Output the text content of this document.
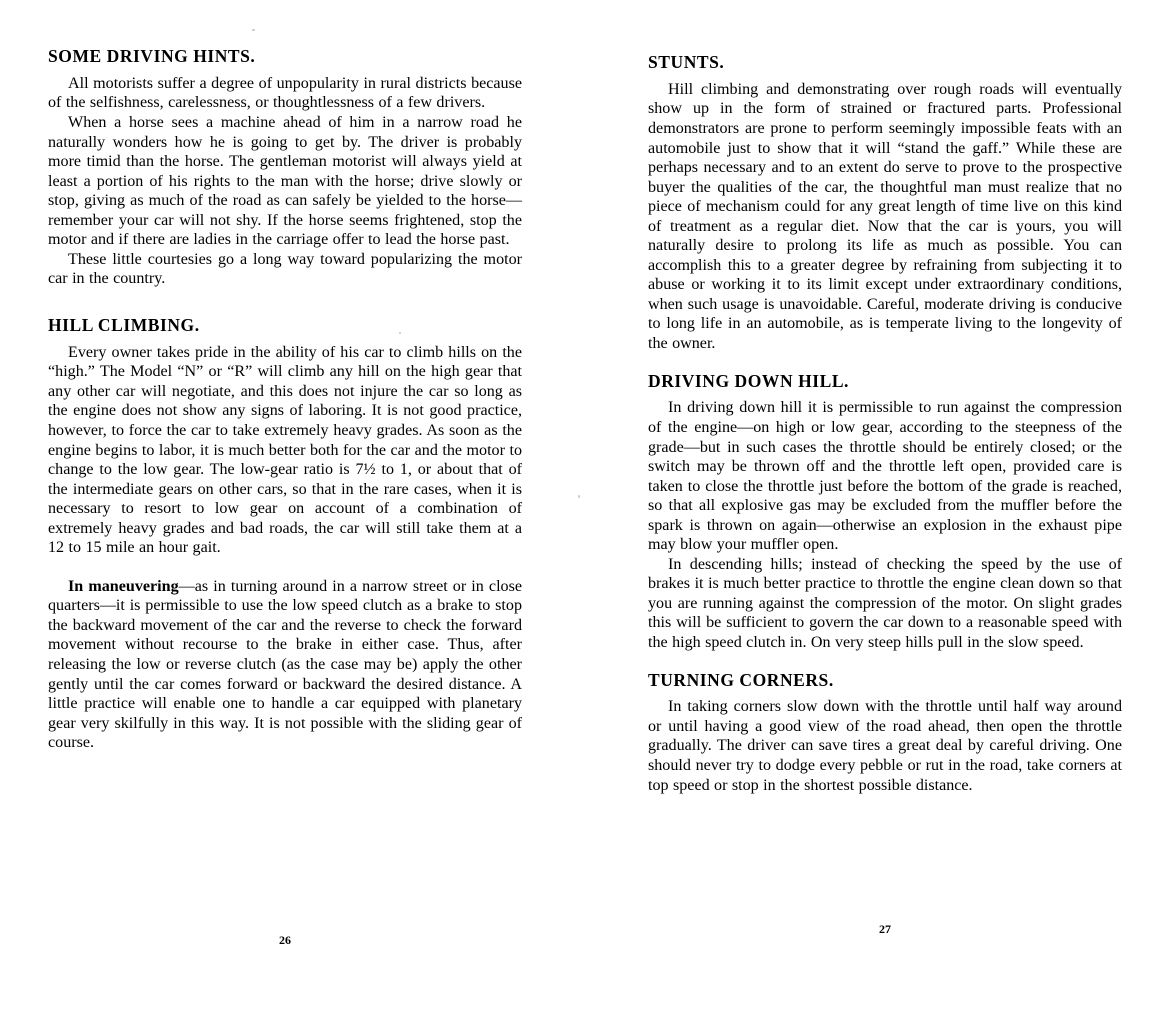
SOME DRIVING HINTS.

All motorists suffer a degree of unpopularity in rural districts because of the selfishness, carelessness, or thoughtlessness of a few drivers.

When a horse sees a machine ahead of him in a narrow road he naturally wonders how he is going to get by. The driver is probably more timid than the horse. The gentleman motorist will always yield at least a portion of his rights to the man with the horse; drive slowly or stop, giving as much of the road as can safely be yielded to the horse—remember your car will not shy. If the horse seems frightened, stop the motor and if there are ladies in the carriage offer to lead the horse past.

These little courtesies go a long way toward popularizing the motor car in the country.

HILL CLIMBING.

Every owner takes pride in the ability of his car to climb hills on the “high.” The Model “N” or “R” will climb any hill on the high gear that any other car will negotiate, and this does not injure the car so long as the engine does not show any signs of laboring. It is not good practice, however, to force the car to take extremely heavy grades. As soon as the engine begins to labor, it is much better both for the car and the motor to change to the low gear. The low-gear ratio is 7½ to 1, or about that of the intermediate gears on other cars, so that in the rare cases, when it is necessary to resort to low gear on account of a combination of extremely heavy grades and bad roads, the car will still take them at a 12 to 15 mile an hour gait.

In maneuvering—as in turning around in a narrow street or in close quarters—it is permissible to use the low speed clutch as a brake to stop the backward movement of the car and the reverse to check the forward movement without recourse to the brake in either case. Thus, after releasing the low or reverse clutch (as the case may be) apply the other gently until the car comes forward or backward the desired distance. A little practice will enable one to handle a car equipped with planetary gear very skilfully in this way. It is not possible with the sliding gear of course.

26
STUNTS.

Hill climbing and demonstrating over rough roads will eventually show up in the form of strained or fractured parts. Professional demonstrators are prone to perform seemingly impossible feats with an automobile just to show that it will “stand the gaff.” While these are perhaps necessary and to an extent do serve to prove to the prospective buyer the qualities of the car, the thoughtful man must realize that no piece of mechanism could for any great length of time live on this kind of treatment as a regular diet. Now that the car is yours, you will naturally desire to prolong its life as much as possible. You can accomplish this to a greater degree by refraining from subjecting it to abuse or working it to its limit except under extraordinary conditions, when such usage is unavoidable. Careful, moderate driving is conducive to long life in an automobile, as is temperate living to the longevity of the owner.

DRIVING DOWN HILL.

In driving down hill it is permissible to run against the compression of the engine—on high or low gear, according to the steepness of the grade—but in such cases the throttle should be entirely closed; or the switch may be thrown off and the throttle left open, provided care is taken to close the throttle just before the bottom of the grade is reached, so that all explosive gas may be excluded from the muffler before the spark is thrown on again—otherwise an explosion in the exhaust pipe may blow your muffler open.

In descending hills; instead of checking the speed by the use of brakes it is much better practice to throttle the engine clean down so that you are running against the compression of the motor. On slight grades this will be sufficient to govern the car down to a reasonable speed with the high speed clutch in. On very steep hills pull in the slow speed.

TURNING CORNERS.

In taking corners slow down with the throttle until half way around or until having a good view of the road ahead, then open the throttle gradually. The driver can save tires a great deal by careful driving. One should never try to dodge every pebble or rut in the road, take corners at top speed or stop in the shortest possible distance.

27
